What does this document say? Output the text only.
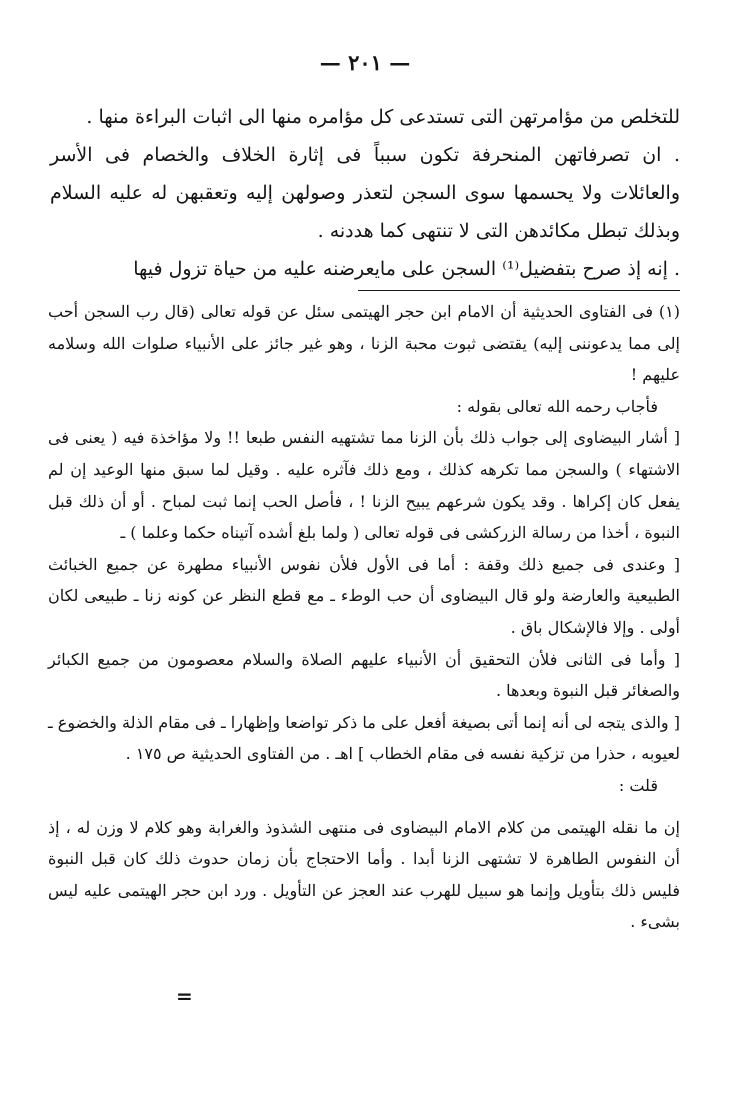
— ٢٠١ —

للتخلص من مؤامرتهن التى تستدعى كل مؤامره منها الى اثبات البراءة منها .

. ان تصرفاتهن المنحرفة تكون سبباً فى إثارة الخلاف والخصام فى الأسر والعائلات ولا يحسمها سوى السجن لتعذر وصولهن إليه وتعقبهن له عليه السلام وبذلك تبطل مكائدهن التى لا تنتهى كما هددنه .

. إنه إذ صرح بتفضيل⁽¹⁾ السجن على مايعرضنه عليه من حياة تزول فيها

(١) فى الفتاوى الحديثية أن الامام ابن حجر الهيتمى سئل عن قوله تعالى (قال رب السجن أحب إلى مما يدعوننى إليه) يقتضى ثبوت محبة الزنا ، وهو غير جائز على الأنبياء صلوات الله وسلامه عليهم !

فأجاب رحمه الله تعالى بقوله :

[ أشار البيضاوى إلى جواب ذلك بأن الزنا مما تشتهيه النفس طبعا !! ولا مؤاخذة فيه ( يعنى فى الاشتهاء ) والسجن مما تكرهه كذلك ، ومع ذلك فآثره عليه . وقيل لما سبق منها الوعيد إن لم يفعل كان إكراها . وقد يكون شرعهم يبيح الزنا ! ، فأصل الحب إنما ثبت لمباح . أو أن ذلك قبل النبوة ، أخذا من رسالة الزركشى فى قوله تعالى ( ولما بلغ أشده آتيناه حكما وعلما ) ـ

[ وعندى فى جميع ذلك وقفة : أما فى الأول فلأن نفوس الأنبياء مطهرة عن جميع الخبائث الطبيعية والعارضة ولو قال البيضاوى أن حب الوطء ـ مع قطع النظر عن كونه زنا ـ طبيعى لكان أولى . وإلا فالإشكال باق .

[ وأما فى الثانى فلأن التحقيق أن الأنبياء عليهم الصلاة والسلام معصومون من جميع الكبائر والصغائر قبل النبوة وبعدها .

[ والذى يتجه لى أنه إنما أتى بصيغة أفعل على ما ذكر تواضعا وإظهارا ـ فى مقام الذلة والخضوع ـ لعيوبه ، حذرا من تزكية نفسه فى مقام الخطاب ] اهـ . من الفتاوى الحديثية ص ١٧٥ .

قلت :

إن ما نقله الهيتمى من كلام الامام البيضاوى فى منتهى الشذوذ والغرابة وهو كلام لا وزن له ، إذ أن النفوس الطاهرة لا تشتهى الزنا أبدا . وأما الاحتجاج بأن زمان حدوث ذلك كان قبل النبوة فليس ذلك بتأويل وإنما هو سبيل للهرب عند العجز عن التأويل . ورد ابن حجر الهيتمى عليه ليس بشىء .

=
